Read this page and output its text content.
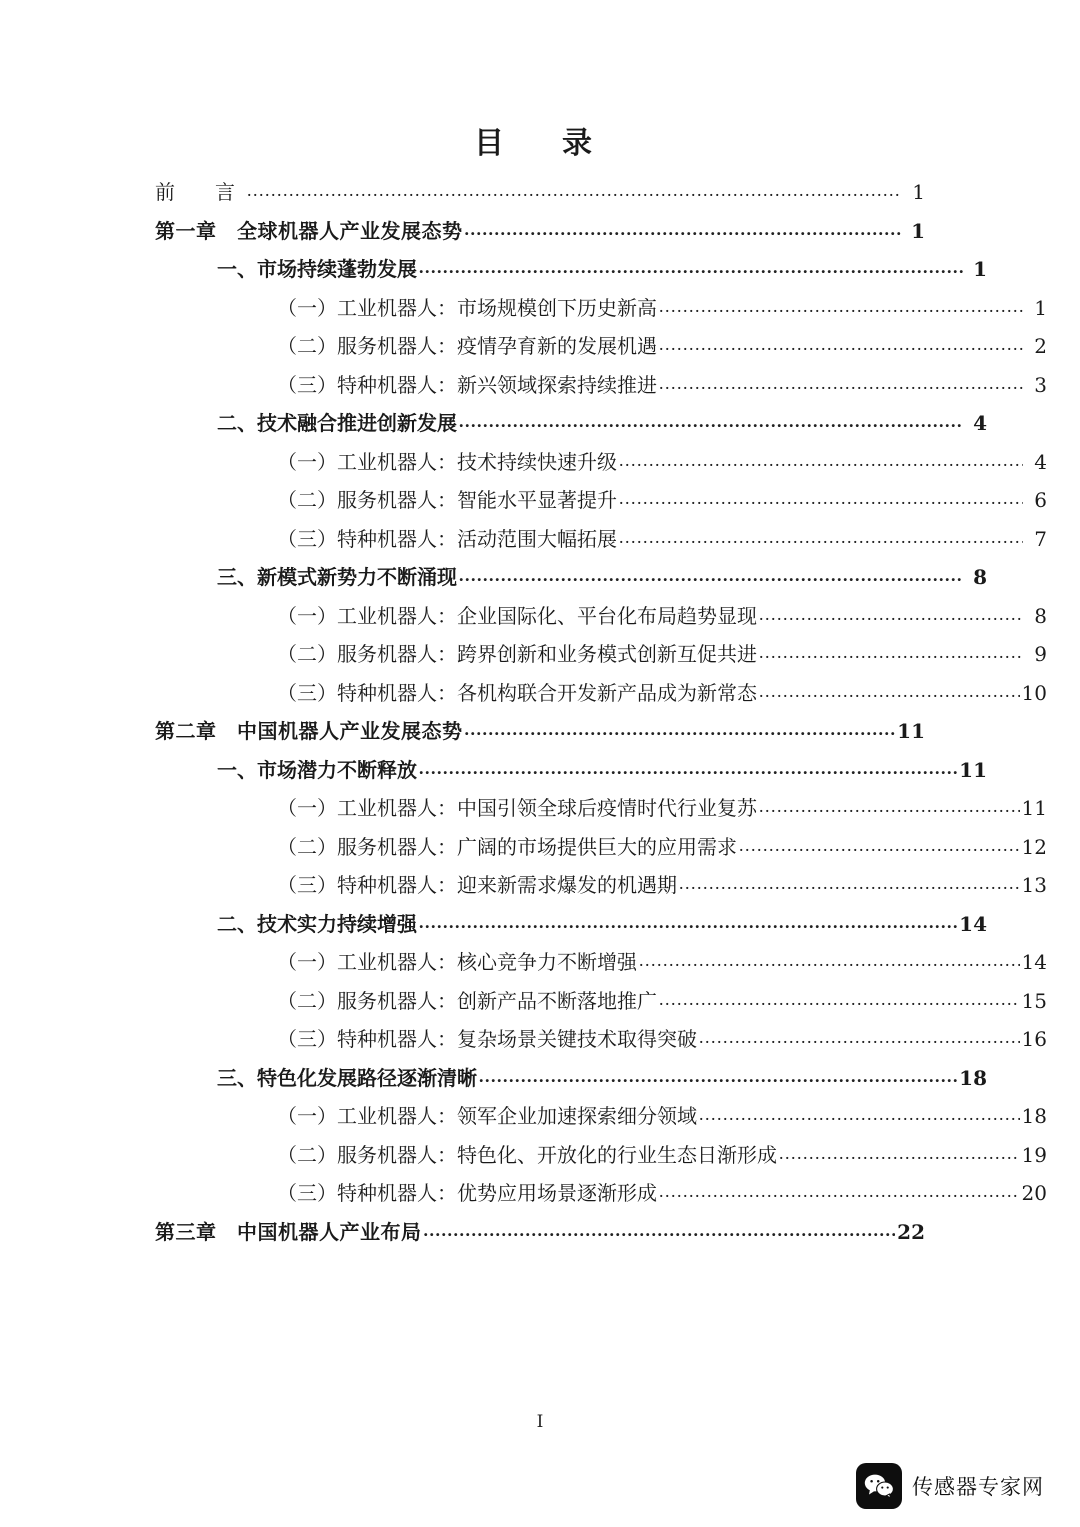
目　录
前　言 .....	1
第一章　全球机器人产业发展态势 .....	1
一、市场持续蓬勃发展 .....	1
（一）工业机器人：市场规模创下历史新高 .....	1
（二）服务机器人：疫情孕育新的发展机遇 .....	2
（三）特种机器人：新兴领域探索持续推进 .....	3
二、技术融合推进创新发展 .....	4
（一）工业机器人：技术持续快速升级 .....	4
（二）服务机器人：智能水平显著提升 .....	6
（三）特种机器人：活动范围大幅拓展 .....	7
三、新模式新势力不断涌现 .....	8
（一）工业机器人：企业国际化、平台化布局趋势显现 .....	8
（二）服务机器人：跨界创新和业务模式创新互促共进 .....	9
（三）特种机器人：各机构联合开发新产品成为新常态 .....	10
第二章　中国机器人产业发展态势 .....	11
一、市场潜力不断释放 .....	11
（一）工业机器人：中国引领全球后疫情时代行业复苏 .....	11
（二）服务机器人：广阔的市场提供巨大的应用需求 .....	12
（三）特种机器人：迎来新需求爆发的机遇期 .....	13
二、技术实力持续增强 .....	14
（一）工业机器人：核心竞争力不断增强 .....	14
（二）服务机器人：创新产品不断落地推广 .....	15
（三）特种机器人：复杂场景关键技术取得突破 .....	16
三、特色化发展路径逐渐清晰 .....	18
（一）工业机器人：领军企业加速探索细分领域 .....	18
（二）服务机器人：特色化、开放化的行业生态日渐形成 .....	19
（三）特种机器人：优势应用场景逐渐形成 .....	20
第三章　中国机器人产业布局 .....	22
I
传感器专家网
